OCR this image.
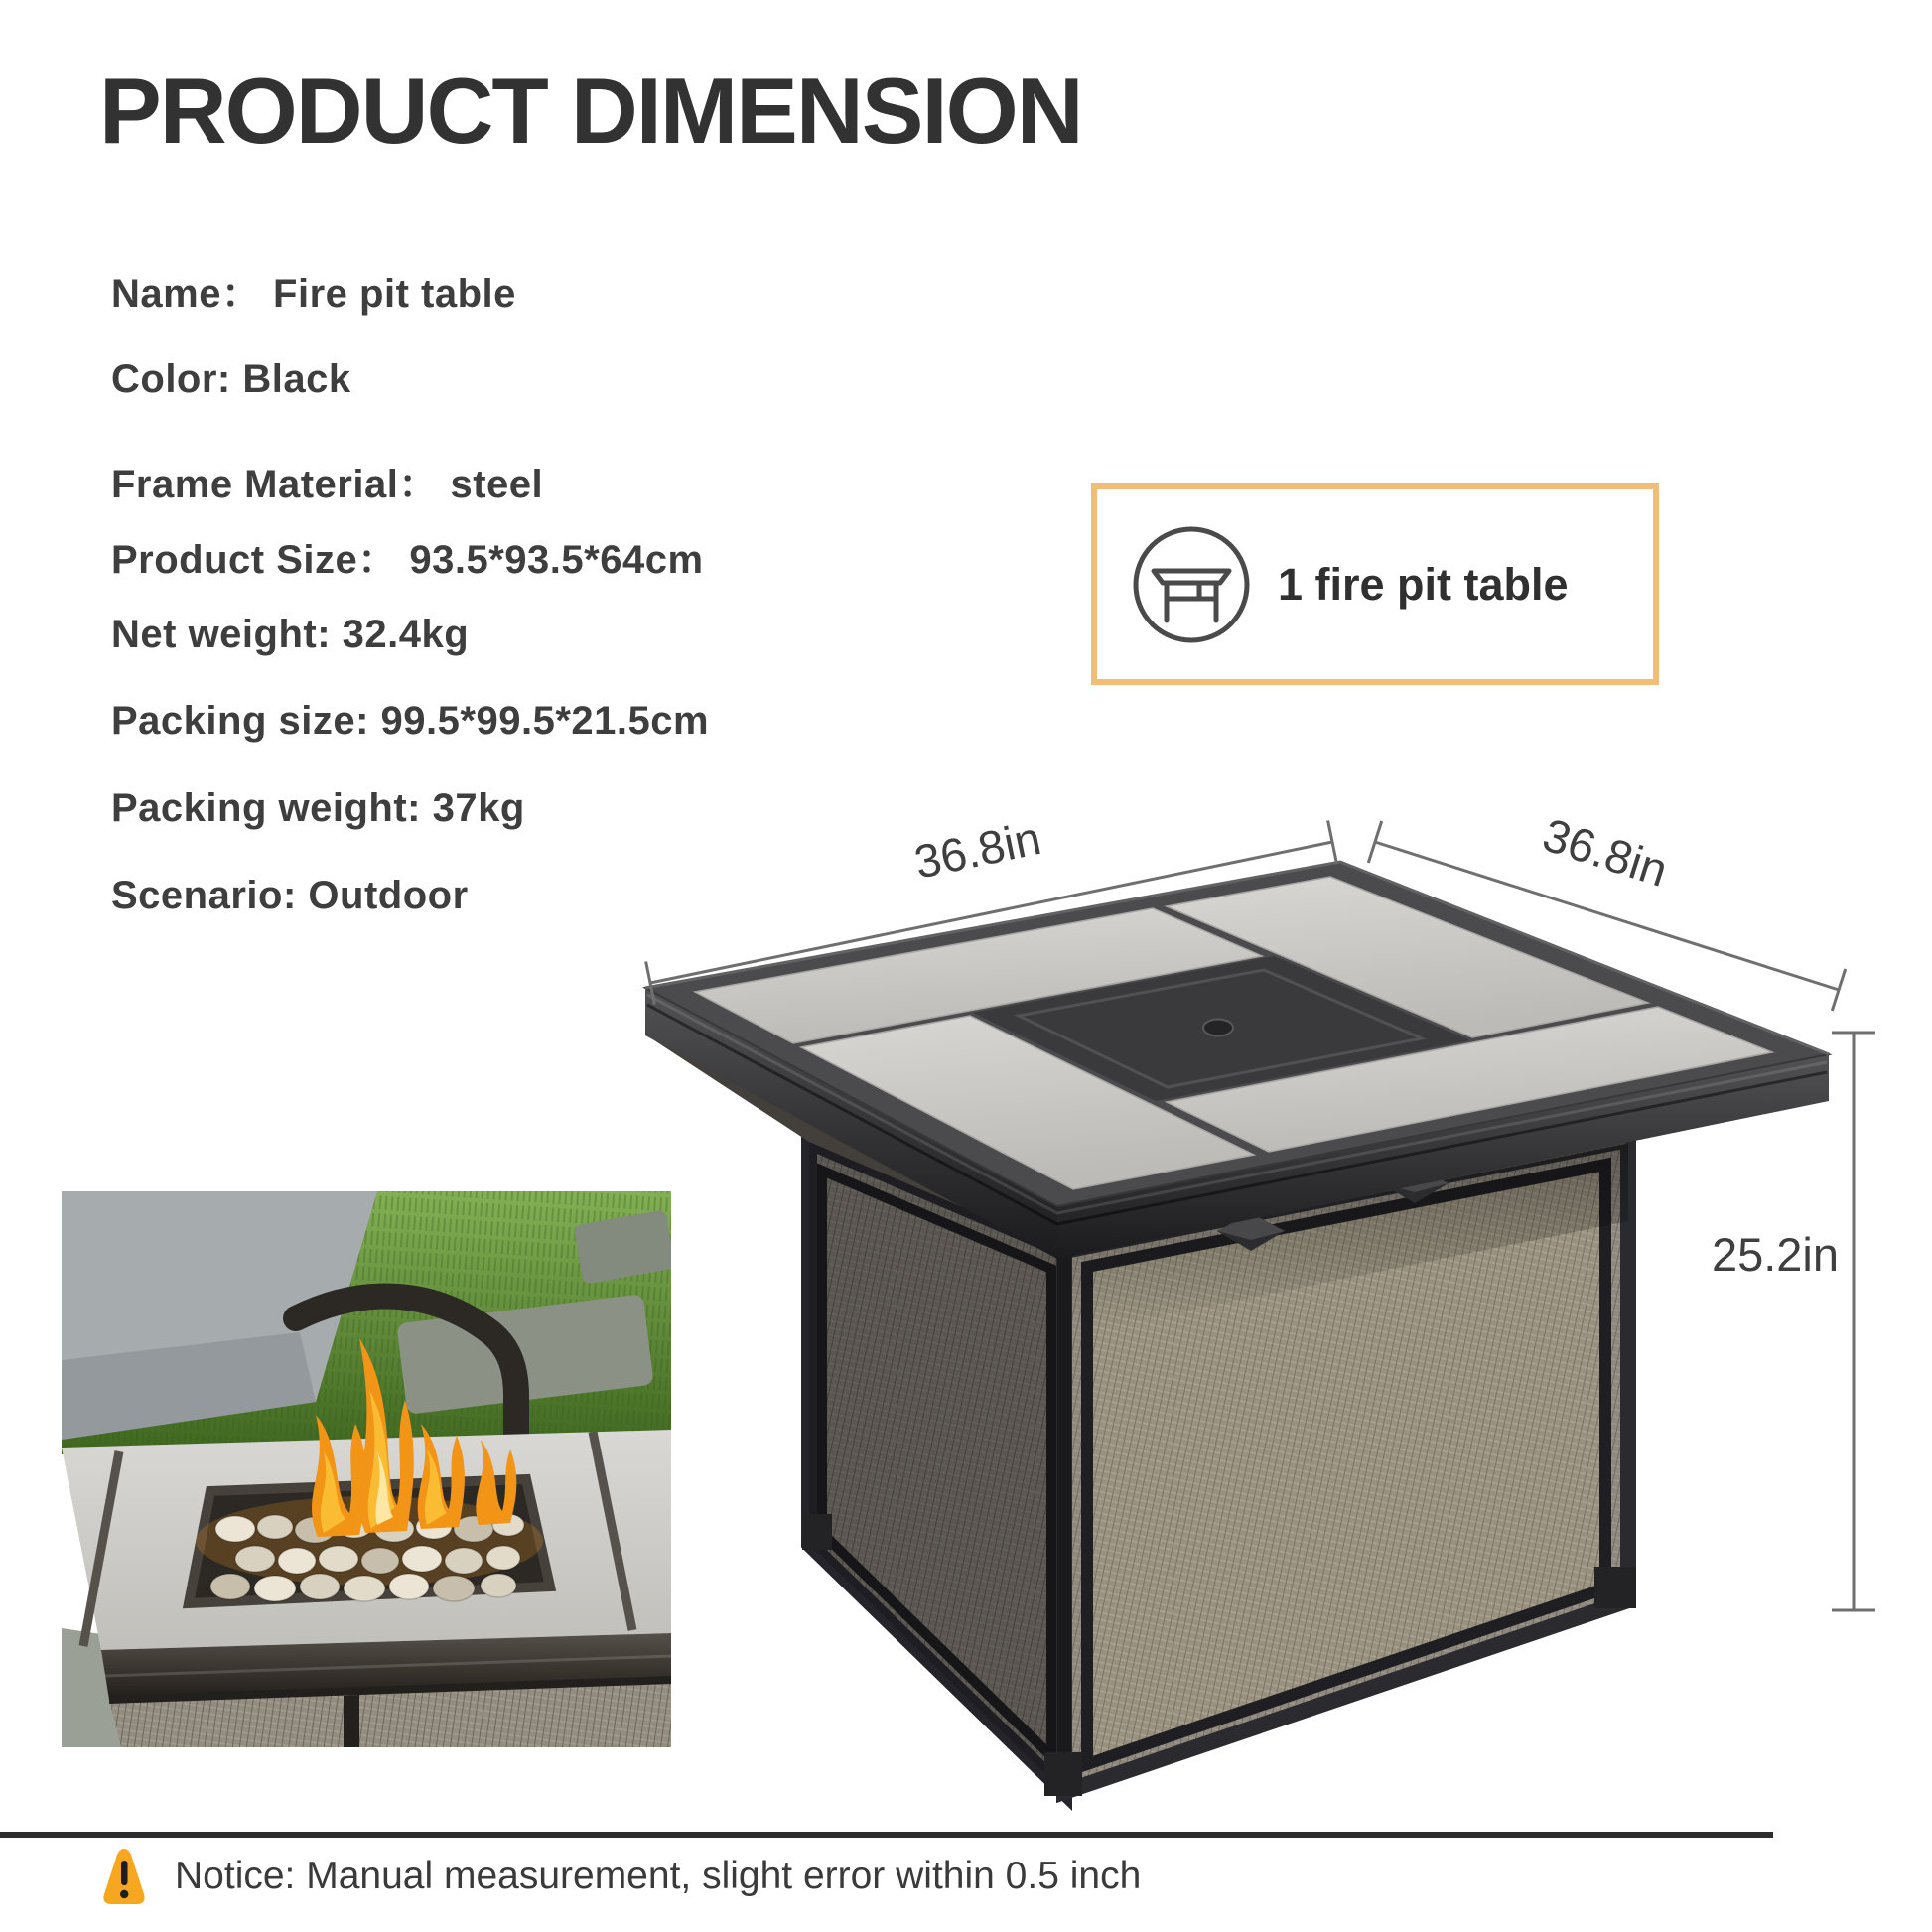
PRODUCT DIMENSION
Name： Fire pit table
Color: Black
Frame Material： steel
Product Size： 93.5*93.5*64cm
Net weight: 32.4kg
Packing size: 99.5*99.5*21.5cm
Packing weight: 37kg
Scenario: Outdoor
1 fire pit table
36.8in	36.8in
25.2in
Notice: Manual measurement, slight error within 0.5 inch
